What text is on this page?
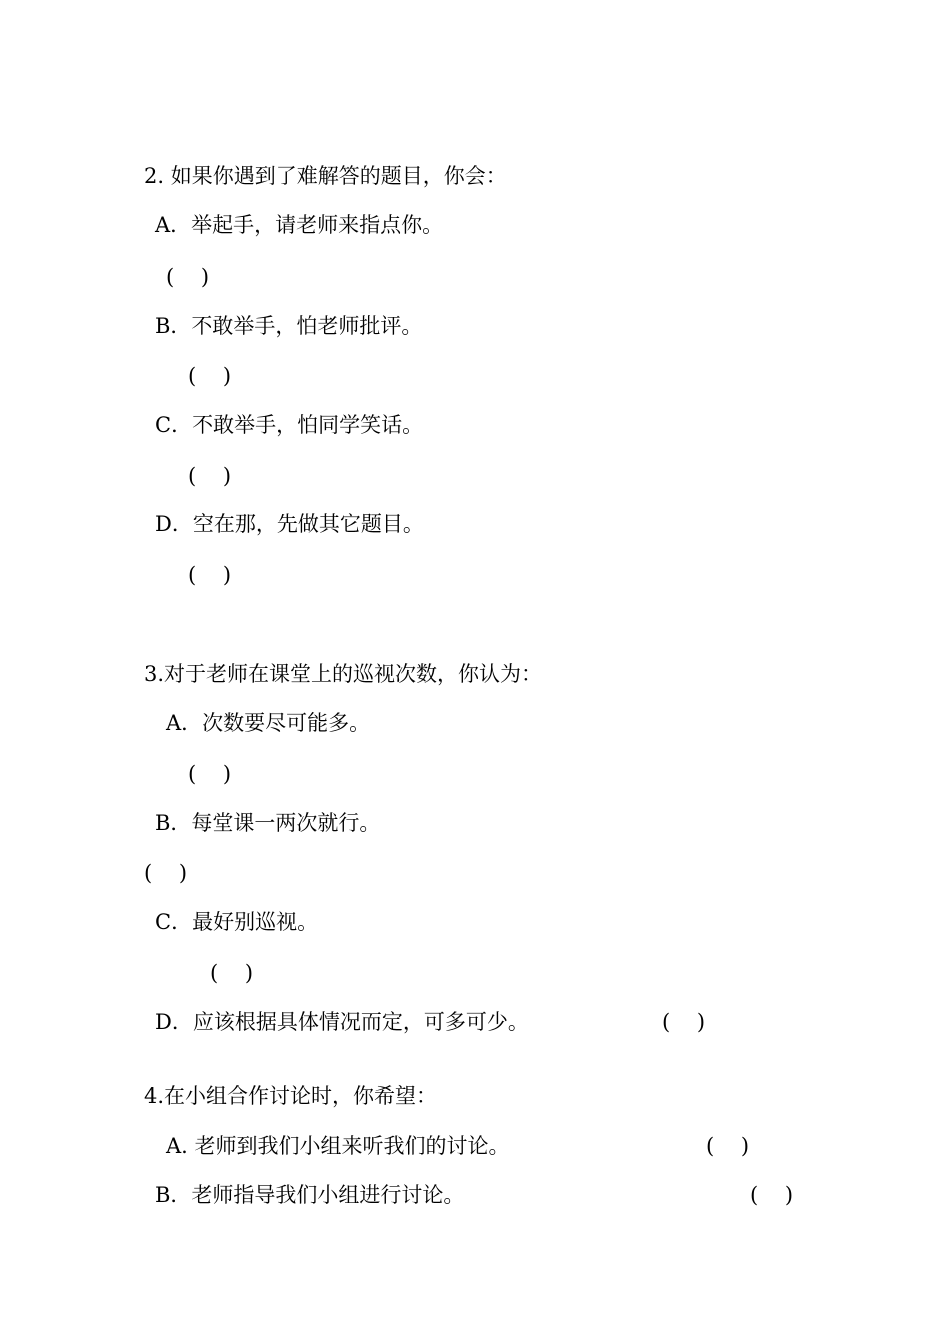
2. 如果你遇到了难解答的题目，你会：
A．举起手，请老师来指点你。
(    )
B．不敢举手，怕老师批评。
(    )
C．不敢举手，怕同学笑话。
(    )
D．空在那，先做其它题目。
(    )
3.对于老师在课堂上的巡视次数，你认为：
A．次数要尽可能多。
(    )
B．每堂课一两次就行。
(    )
C．最好别巡视。
(    )
D．应该根据具体情况而定，可多可少。	(    )
4.在小组合作讨论时，你希望：
A. 老师到我们小组来听我们的讨论。	(    )
B．老师指导我们小组进行讨论。	(    )
